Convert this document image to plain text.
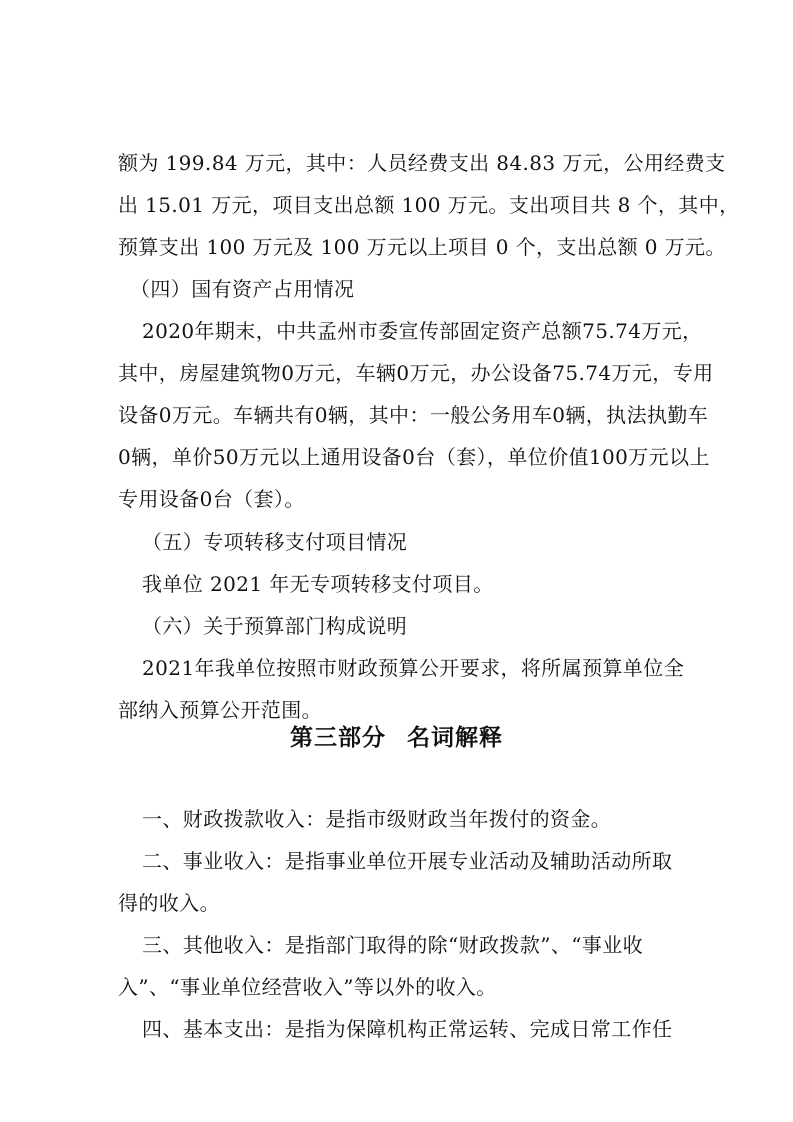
额为 199.84 万元，其中：人员经费支出 84.83 万元，公用经费支
出 15.01 万元，项目支出总额 100 万元。支出项目共 8 个，其中，
预算支出 100 万元及 100 万元以上项目 0 个，支出总额 0 万元。
（四）国有资产占用情况
2020年期末，中共孟州市委宣传部固定资产总额75.74万元，
其中，房屋建筑物0万元，车辆0万元，办公设备75.74万元，专用
设备0万元。车辆共有0辆，其中：一般公务用车0辆，执法执勤车
0辆，单价50万元以上通用设备0台（套），单位价值100万元以上
专用设备0台（套）。
（五）专项转移支付项目情况
我单位 2021 年无专项转移支付项目。
（六）关于预算部门构成说明
2021年我单位按照市财政预算公开要求，将所属预算单位全
部纳入预算公开范围。
第三部分 名词解释
一、财政拨款收入：是指市级财政当年拨付的资金。
二、事业收入：是指事业单位开展专业活动及辅助活动所取
得的收入。
三、其他收入：是指部门取得的除“财政拨款”、“事业收
入”、“事业单位经营收入”等以外的收入。
四、基本支出：是指为保障机构正常运转、完成日常工作任
